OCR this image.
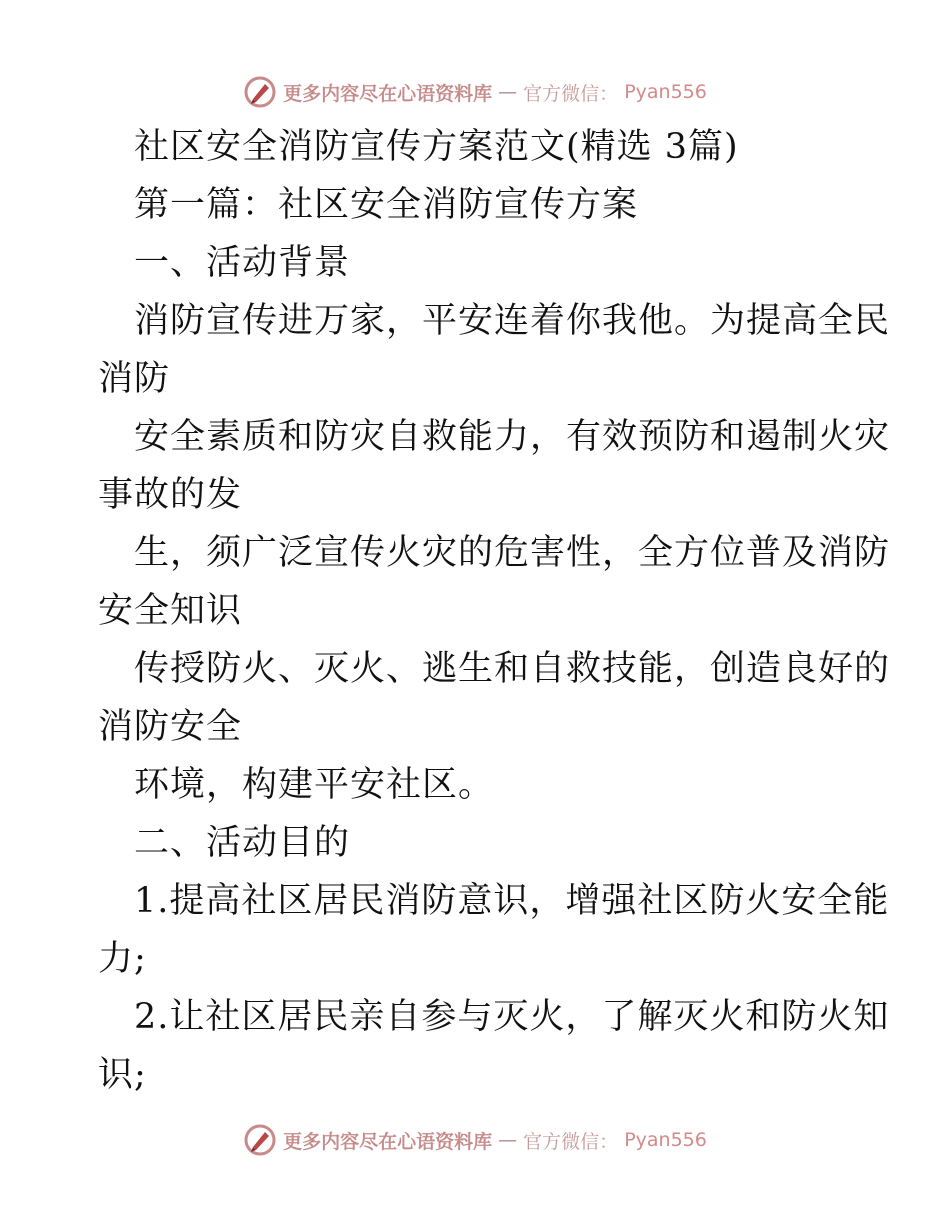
更多内容尽在心语资料库 — 官方微信： Pyan556
社区安全消防宣传方案范文(精选 3篇)
第一篇：社区安全消防宣传方案
一、活动背景
消防宣传进万家，平安连着你我他。为提高全民
消防
安全素质和防灾自救能力，有效预防和遏制火灾
事故的发
生，须广泛宣传火灾的危害性，全方位普及消防
安全知识
传授防火、灭火、逃生和自救技能，创造良好的
消防安全
环境，构建平安社区。
二、活动目的
1.提高社区居民消防意识，增强社区防火安全能
力;
2.让社区居民亲自参与灭火，了解灭火和防火知
识;
更多内容尽在心语资料库 — 官方微信： Pyan556
